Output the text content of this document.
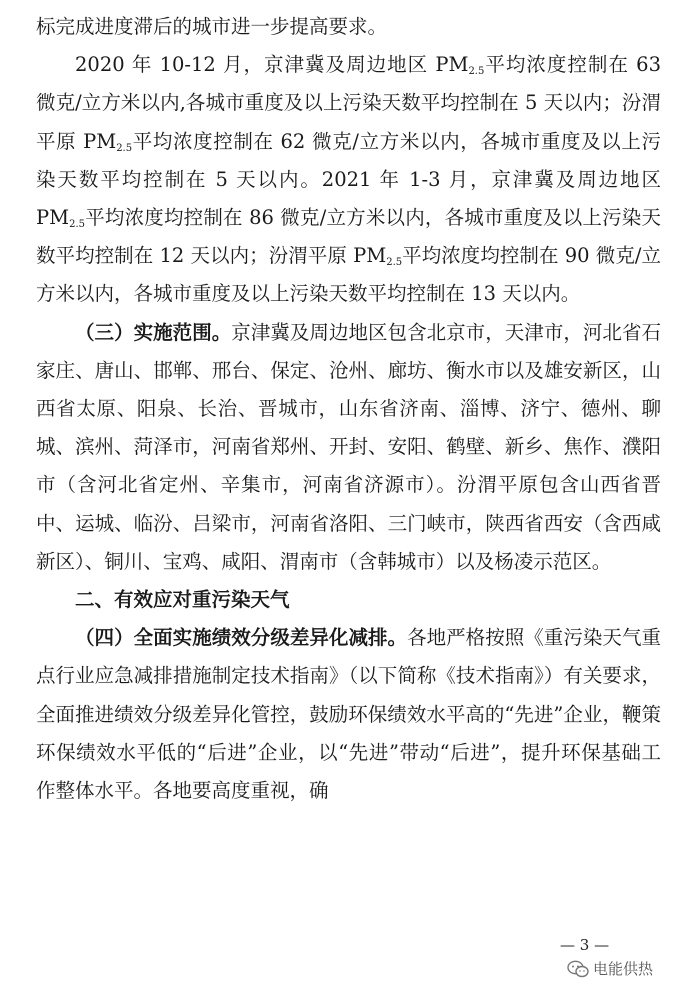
标完成进度滞后的城市进一步提高要求。

2020 年 10-12 月，京津冀及周边地区 $PM_{2.5}$平均浓度控制在 63 微克/立方米以内,各城市重度及以上污染天数平均控制在 5 天以内；汾渭平原 $PM_{2.5}$平均浓度控制在 62 微克/立方米以内，各城市重度及以上污染天数平均控制在 5 天以内。2021 年 1-3 月，京津冀及周边地区 $PM_{2.5}$平均浓度均控制在 86 微克/立方米以内，各城市重度及以上污染天数平均控制在 12 天以内；汾渭平原 $PM_{2.5}$平均浓度均控制在 90 微克/立方米以内，各城市重度及以上污染天数平均控制在 13 天以内。

（三）实施范围。京津冀及周边地区包含北京市，天津市，河北省石家庄、唐山、邯郸、邢台、保定、沧州、廊坊、衡水市以及雄安新区，山西省太原、阳泉、长治、晋城市，山东省济南、淄博、济宁、德州、聊城、滨州、菏泽市，河南省郑州、开封、安阳、鹤壁、新乡、焦作、濮阳市（含河北省定州、辛集市，河南省济源市）。汾渭平原包含山西省晋中、运城、临汾、吕梁市，河南省洛阳、三门峡市，陕西省西安（含西咸新区）、铜川、宝鸡、咸阳、渭南市（含韩城市）以及杨凌示范区。

二、有效应对重污染天气

（四）全面实施绩效分级差异化减排。各地严格按照《重污染天气重点行业应急减排措施制定技术指南》（以下简称《技术指南》）有关要求，全面推进绩效分级差异化管控，鼓励环保绩效水平高的“先进”企业，鞭策环保绩效水平低的“后进”企业，以“先进”带动“后进”，提升环保基础工作整体水平。各地要高度重视，确

— 3 —
电能供热
